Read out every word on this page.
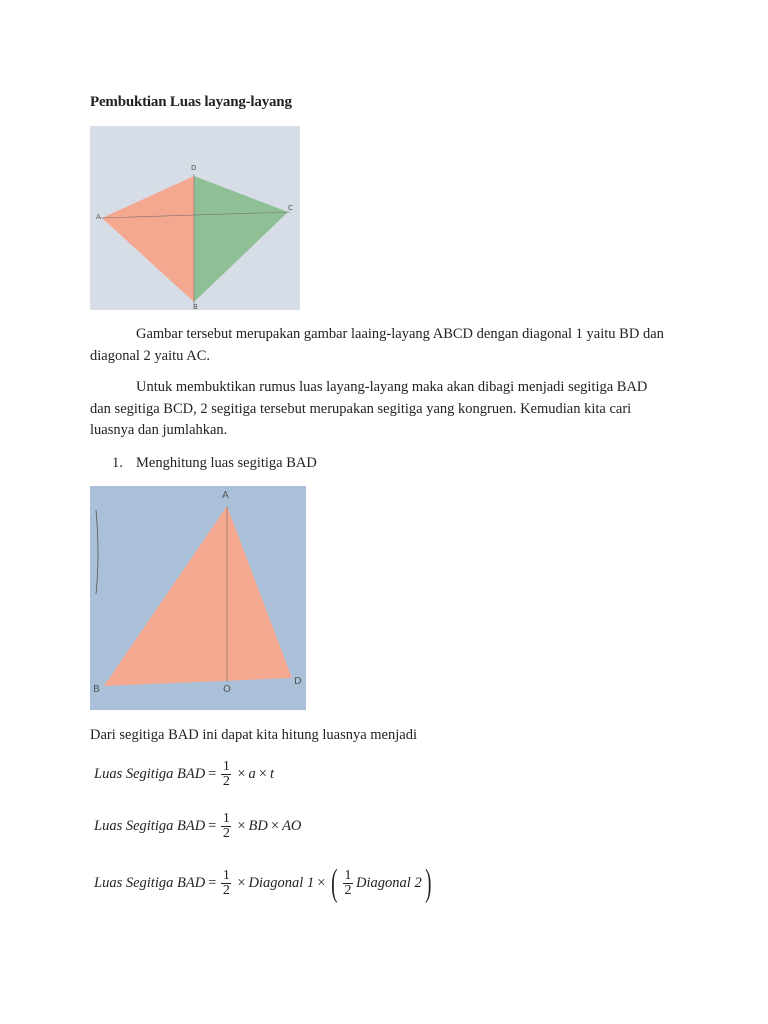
Pembuktian Luas layang-layang
D
A
C
B

Gambar tersebut merupakan gambar laaing-layang ABCD dengan diagonal 1 yaitu BD dan diagonal 2 yaitu AC.

Untuk membuktikan rumus luas layang-layang maka akan dibagi menjadi segitiga BAD dan segitiga BCD, 2 segitiga tersebut merupakan segitiga yang kongruen. Kemudian kita cari luasnya dan jumlahkan.

1. Menghitung luas segitiga BAD
A
B	O
D

Dari segitiga BAD ini dapat kita hitung luasnya menjadi

Luas Segitiga BAD = $\frac{1}{2} \times a \times t$
Luas Segitiga BAD = $\frac{1}{2}$ × BD × AO
Luas Segitiga BAD = $\frac{1}{2}$ × Diagonal 1 × ( $\frac{1}{2}$ Diagonal 2 )
